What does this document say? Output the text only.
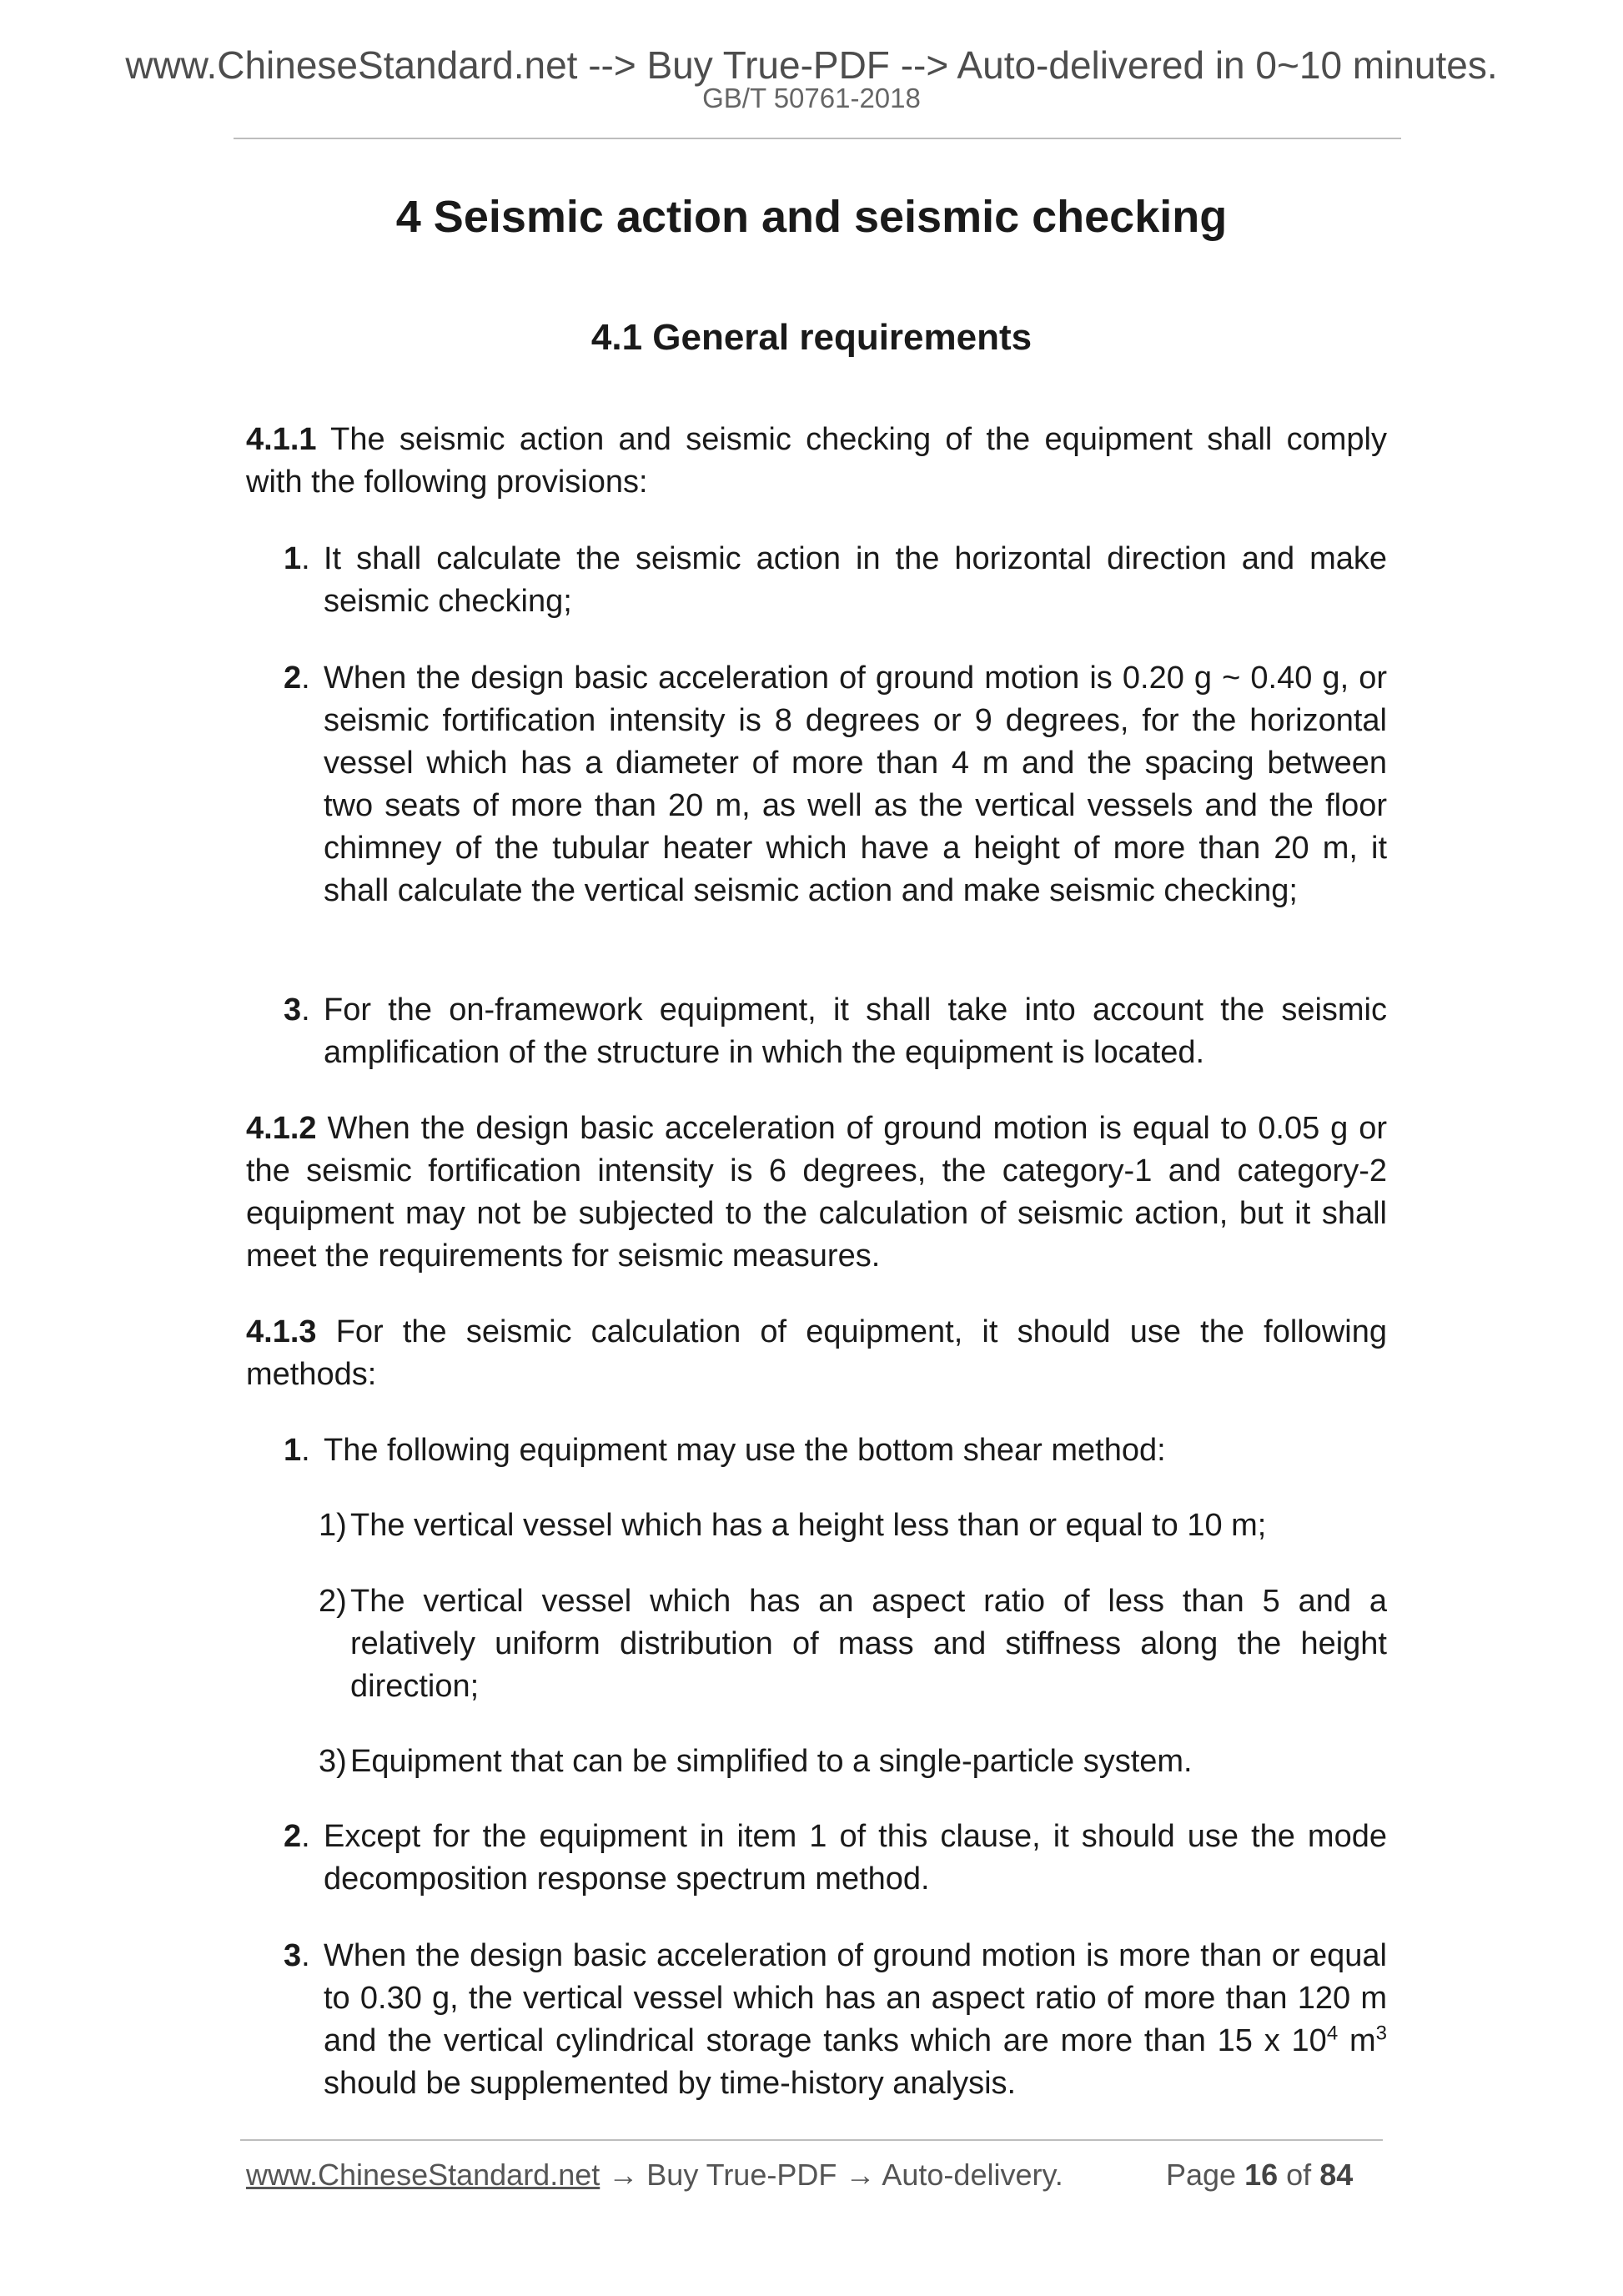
www.ChineseStandard.net --> Buy True-PDF --> Auto-delivered in 0~10 minutes.
GB/T 50761-2018
4 Seismic action and seismic checking
4.1 General requirements

4.1.1 The seismic action and seismic checking of the equipment shall comply with the following provisions:

1. It shall calculate the seismic action in the horizontal direction and make seismic checking;

2. When the design basic acceleration of ground motion is 0.20 g ~ 0.40 g, or seismic fortification intensity is 8 degrees or 9 degrees, for the horizontal vessel which has a diameter of more than 4 m and the spacing between two seats of more than 20 m, as well as the vertical vessels and the floor chimney of the tubular heater which have a height of more than 20 m, it shall calculate the vertical seismic action and make seismic checking;

3. For the on-framework equipment, it shall take into account the seismic amplification of the structure in which the equipment is located.

4.1.2 When the design basic acceleration of ground motion is equal to 0.05 g or the seismic fortification intensity is 6 degrees, the category-1 and category-2 equipment may not be subjected to the calculation of seismic action, but it shall meet the requirements for seismic measures.

4.1.3 For the seismic calculation of equipment, it should use the following methods:

1. The following equipment may use the bottom shear method:

1) The vertical vessel which has a height less than or equal to 10 m;

2) The vertical vessel which has an aspect ratio of less than 5 and a relatively uniform distribution of mass and stiffness along the height direction;

3) Equipment that can be simplified to a single-particle system.

2. Except for the equipment in item 1 of this clause, it should use the mode decomposition response spectrum method.

3. When the design basic acceleration of ground motion is more than or equal to 0.30 g, the vertical vessel which has an aspect ratio of more than 120 m and the vertical cylindrical storage tanks which are more than 15 x $10^4$ $m^3$ should be supplemented by time-history analysis.

www.ChineseStandard.net → Buy True-PDF → Auto-delivery.	Page 16 of 84
